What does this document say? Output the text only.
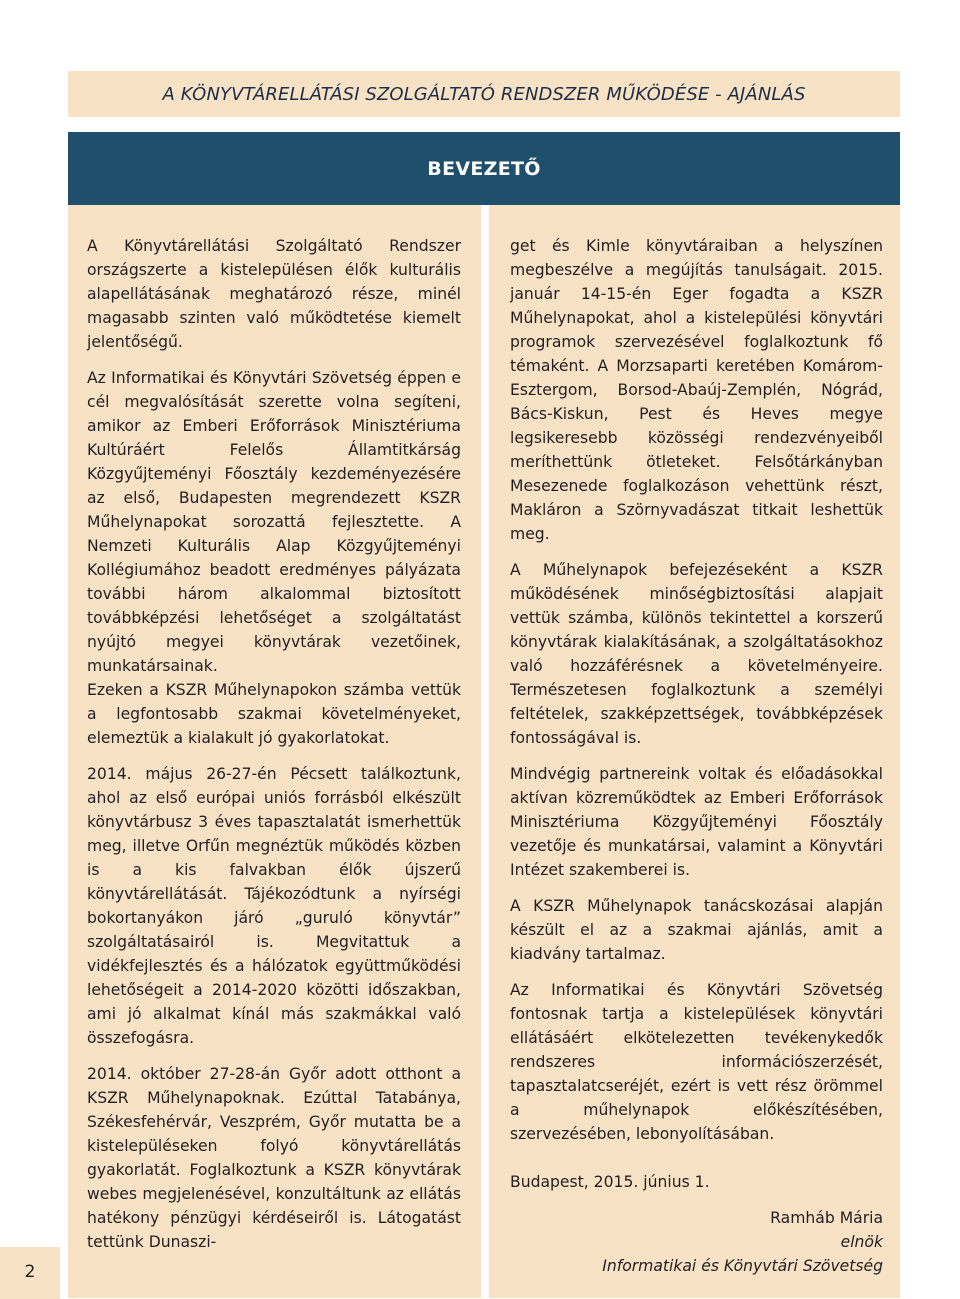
A KÖNYVTÁRELLÁTÁSI SZOLGÁLTATÓ RENDSZER MŰKÖDÉSE - AJÁNLÁS
BEVEZETŐ

A Könyvtárellátási Szolgáltató Rendszer országszerte a kistelepülésen élők kulturális alapellátásának meghatározó része, minél magasabb szinten való működtetése kiemelt jelentőségű.

Az Informatikai és Könyvtári Szövetség éppen e cél megvalósítását szerette volna segíteni, amikor az Emberi Erőforrások Minisztériuma Kultúráért Felelős Államtitkárság Közgyűjteményi Főosztály kezdeményezésére az első, Budapesten megrendezett KSZR Műhelynapokat sorozattá fejlesztette. A Nemzeti Kulturális Alap Közgyűjteményi Kollégiumához beadott eredményes pályázata további három alkalommal biztosított továbbképzési lehetőséget a szolgáltatást nyújtó megyei könyvtárak vezetőinek, munkatársainak.

Ezeken a KSZR Műhelynapokon számba vettük a legfontosabb szakmai követelményeket, elemeztük a kialakult jó gyakorlatokat.

2014. május 26-27-én Pécsett találkoztunk, ahol az első európai uniós forrásból elkészült könyvtárbusz 3 éves tapasztalatát ismerhettük meg, illetve Orfűn megnéztük működés közben is a kis falvakban élők újszerű könyvtárellátását. Tájékozódtunk a nyírségi bokortanyákon járó „guruló könyvtár” szolgáltatásairól is. Megvitattuk a vidékfejlesztés és a hálózatok együttműködési lehetőségeit a 2014-2020 közötti időszakban, ami jó alkalmat kínál más szakmákkal való összefogásra.

2014. október 27-28-án Győr adott otthont a KSZR Műhelynapoknak. Ezúttal Tatabánya, Székesfehérvár, Veszprém, Győr mutatta be a kistelepüléseken folyó könyvtárellátás gyakorlatát. Foglalkoztunk a KSZR könyvtárak webes megjelenésével, konzultáltunk az ellátás hatékony pénzügyi kérdéseiről is. Látogatást tettünk Dunaszi-

get és Kimle könyvtáraiban a helyszínen megbeszélve a megújítás tanulságait. 2015. január 14-15-én Eger fogadta a KSZR Műhelynapokat, ahol a kistelepülési könyvtári programok szervezésével foglalkoztunk fő témaként. A Morzsaparti keretében Komárom-Esztergom, Borsod-Abaúj-Zemplén, Nógrád, Bács-Kiskun, Pest és Heves megye legsikeresebb közösségi rendezvényeiből meríthettünk ötleteket. Felsőtárkányban Mesezenede foglalkozáson vehettünk részt, Makláron a Szörnyvadászat titkait leshettük meg.

A Műhelynapok befejezéseként a KSZR működésének minőségbiztosítási alapjait vettük számba, különös tekintettel a korszerű könyvtárak kialakításának, a szolgáltatásokhoz való hozzáférésnek a követelményeire. Természetesen foglalkoztunk a személyi feltételek, szakképzettségek, továbbképzések fontosságával is.

Mindvégig partnereink voltak és előadásokkal aktívan közreműködtek az Emberi Erőforrások Minisztériuma Közgyűjteményi Főosztály vezetője és munkatársai, valamint a Könyvtári Intézet szakemberei is.

A KSZR Műhelynapok tanácskozásai alapján készült el az a szakmai ajánlás, amit a kiadvány tartalmaz.

Az Informatikai és Könyvtári Szövetség fontosnak tartja a kistelepülések könyvtári ellátásáért elkötelezetten tevékenykedők rendszeres információszerzését, tapasztalatcseréjét, ezért is vett rész örömmel a műhelynapok előkészítésében, szervezésében, lebonyolításában.

Budapest, 2015. június 1.

Ramháb Mária

elnök

Informatikai és Könyvtári Szövetség

2
